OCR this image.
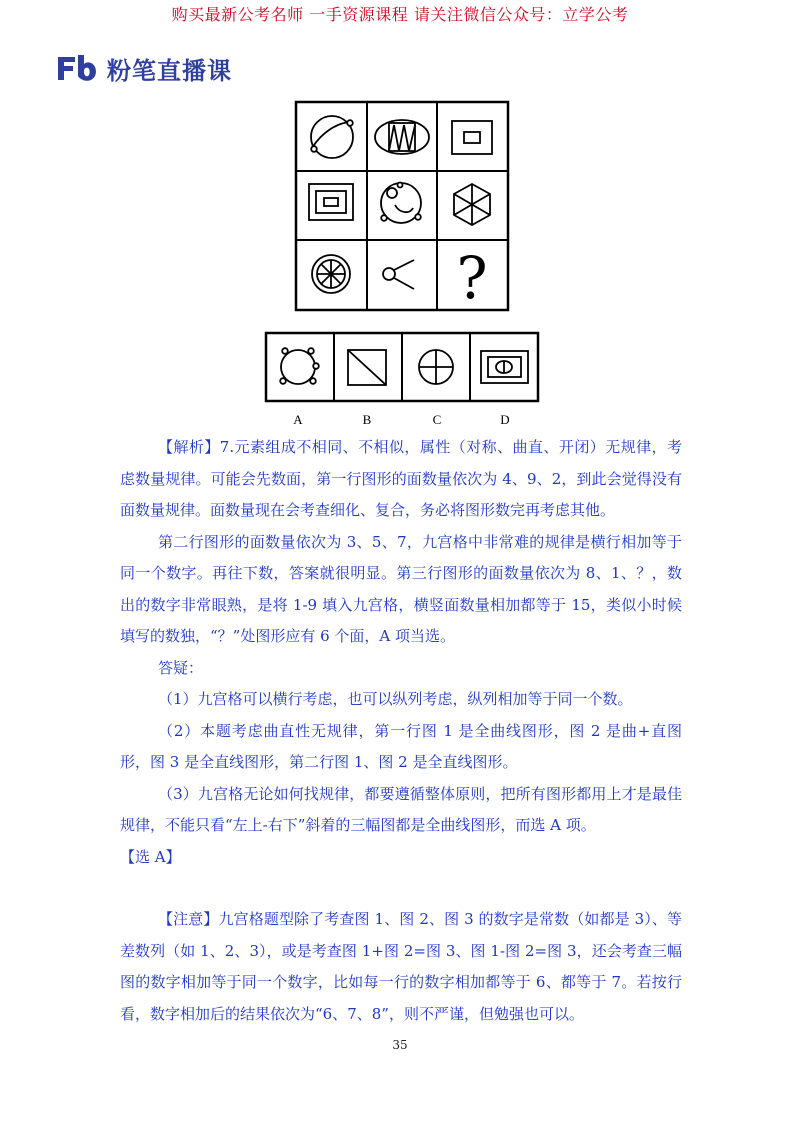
购买最新公考名师 一手资源课程 请关注微信公众号：立学公考
粉笔直播课
?
A	B	C	D

【解析】7.元素组成不相同、不相似，属性（对称、曲直、开闭）无规律，考虑数量规律。可能会先数面，第一行图形的面数量依次为 4、9、2，到此会觉得没有面数量规律。面数量现在会考查细化、复合，务必将图形数完再考虑其他。

第二行图形的面数量依次为 3、5、7，九宫格中非常难的规律是横行相加等于同一个数字。再往下数，答案就很明显。第三行图形的面数量依次为 8、1、？，数出的数字非常眼熟，是将 1-9 填入九宫格，横竖面数量相加都等于 15，类似小时候填写的数独，“？”处图形应有 6 个面，A 项当选。

答疑：

（1）九宫格可以横行考虑，也可以纵列考虑，纵列相加等于同一个数。

（2）本题考虑曲直性无规律，第一行图 1 是全曲线图形，图 2 是曲+直图形，图 3 是全直线图形，第二行图 1、图 2 是全直线图形。

（3）九宫格无论如何找规律，都要遵循整体原则，把所有图形都用上才是最佳规律，不能只看“左上-右下”斜着的三幅图都是全曲线图形，而选 A 项。

【选 A】

【注意】九宫格题型除了考查图 1、图 2、图 3 的数字是常数（如都是 3）、等差数列（如 1、2、3），或是考查图 1+图 2=图 3、图 1-图 2=图 3，还会考查三幅图的数字相加等于同一个数字，比如每一行的数字相加都等于 6、都等于 7。若按行看，数字相加后的结果依次为“6、7、8”，则不严谨，但勉强也可以。

35
